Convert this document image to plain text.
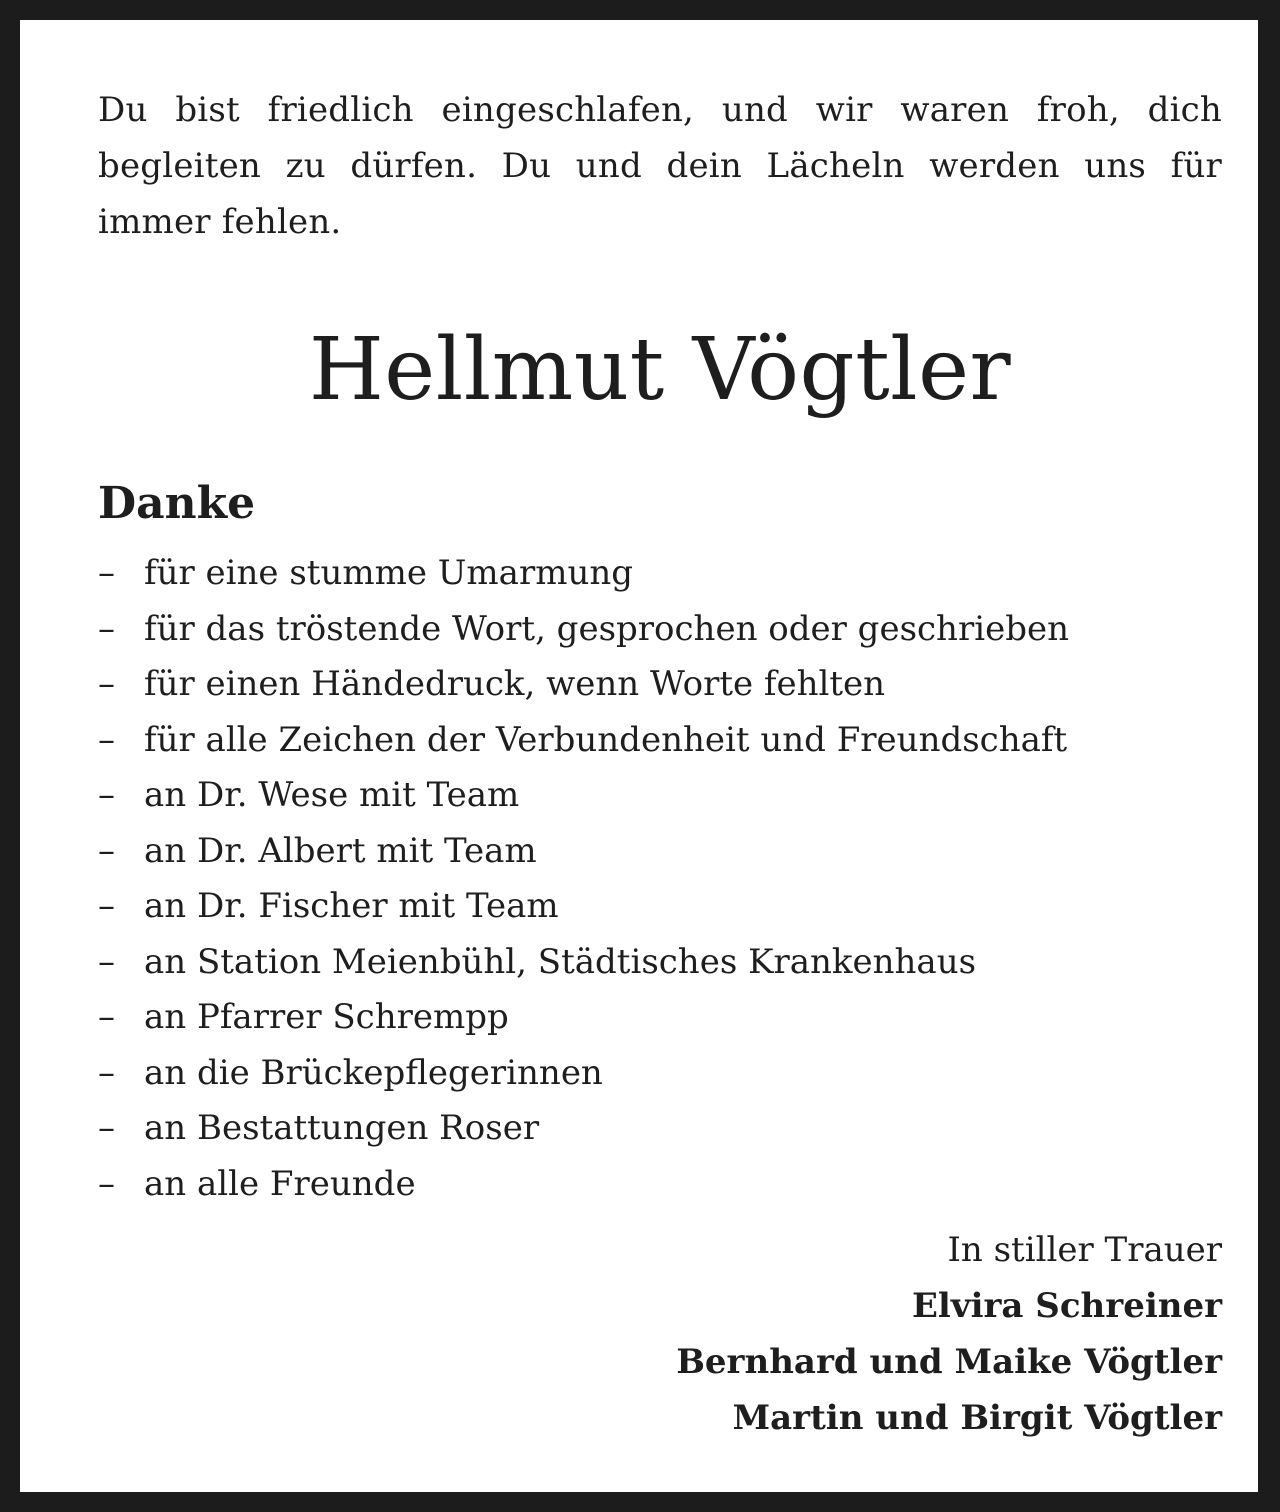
Du bist friedlich eingeschlafen, und wir waren froh, dich begleiten zu dürfen. Du und dein Lächeln werden uns für immer fehlen.

Hellmut Vögtler
Danke
– für eine stumme Umarmung
– für das tröstende Wort, gesprochen oder geschrieben
– für einen Händedruck, wenn Worte fehlten
– für alle Zeichen der Verbundenheit und Freundschaft
– an Dr. Wese mit Team
– an Dr. Albert mit Team
– an Dr. Fischer mit Team
– an Station Meienbühl, Städtisches Krankenhaus
– an Pfarrer Schrempp
– an die Brückepflegerinnen
– an Bestattungen Roser
– an alle Freunde
In stiller Trauer
Elvira Schreiner
Bernhard und Maike Vögtler
Martin und Birgit Vögtler
